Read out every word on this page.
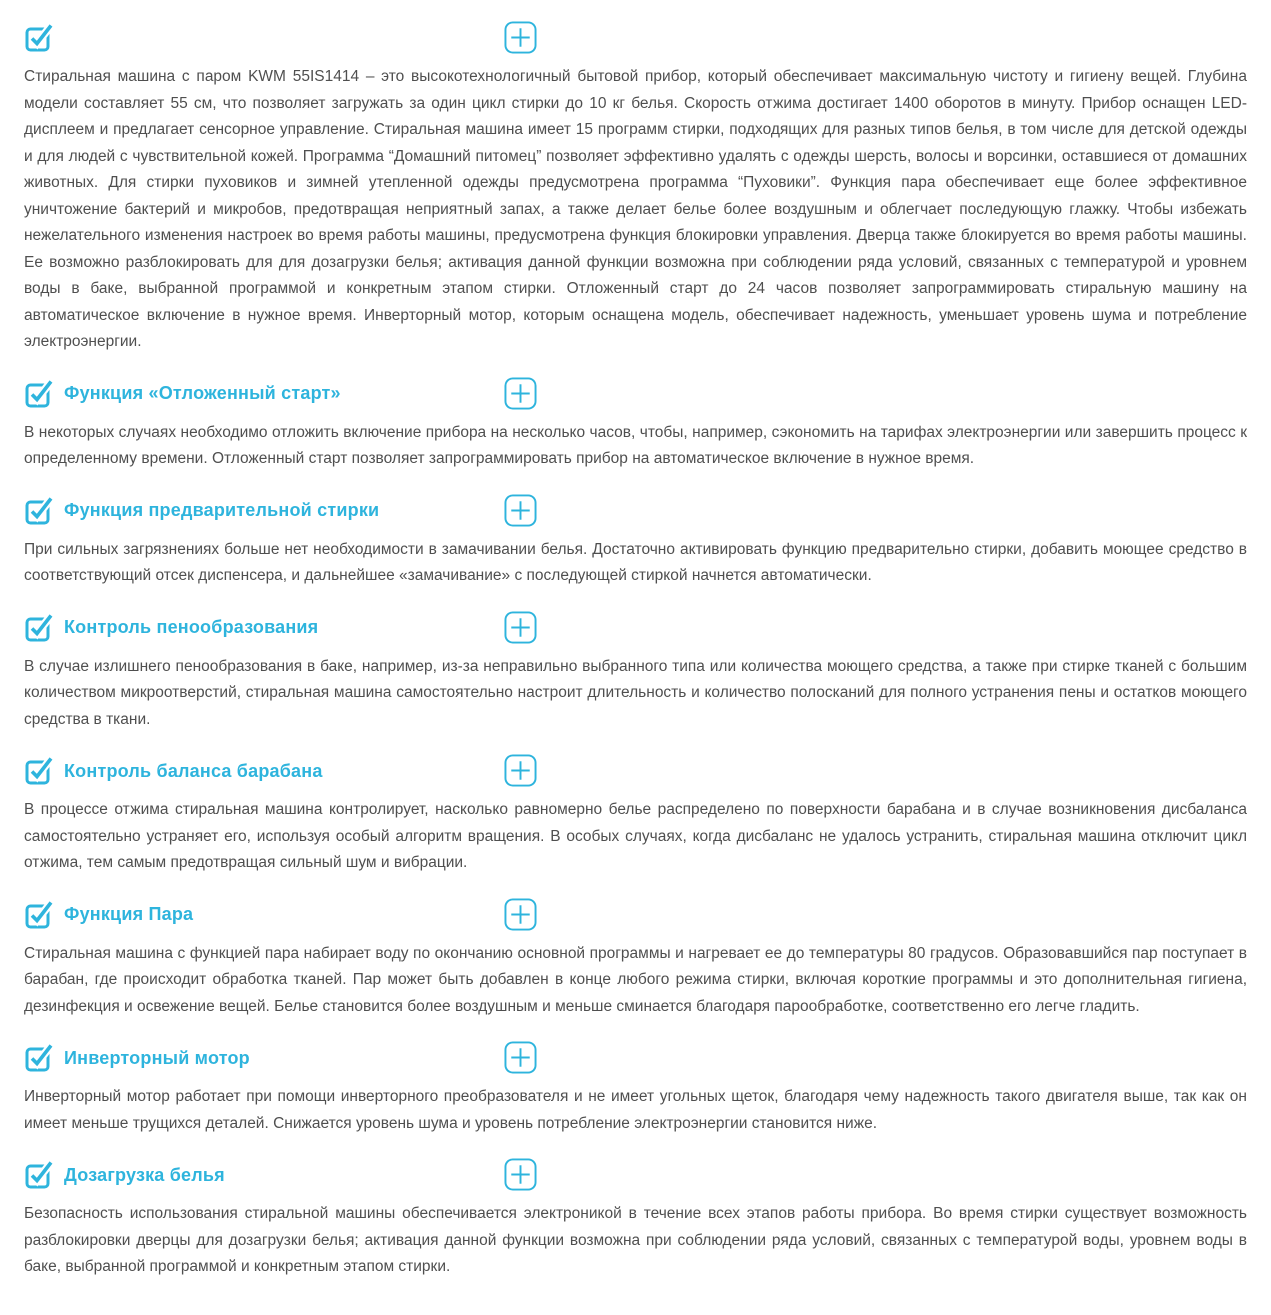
Стиральная машина с паром KWM 55IS1414 – это высокотехнологичный бытовой прибор, который обеспечивает максимальную чистоту и гигиену вещей. Глубина модели составляет 55 см, что позволяет загружать за один цикл стирки до 10 кг белья. Скорость отжима достигает 1400 оборотов в минуту. Прибор оснащен LED-дисплеем и предлагает сенсорное управление. Стиральная машина имеет 15 программ стирки, подходящих для разных типов белья, в том числе для детской одежды и для людей с чувствительной кожей. Программа “Домашний питомец” позволяет эффективно удалять с одежды шерсть, волосы и ворсинки, оставшиеся от домашних животных. Для стирки пуховиков и зимней утепленной одежды предусмотрена программа “Пуховики”. Функция пара обеспечивает еще более эффективное уничтожение бактерий и микробов, предотвращая неприятный запах, а также делает белье более воздушным и облегчает последующую глажку. Чтобы избежать нежелательного изменения настроек во время работы машины, предусмотрена функция блокировки управления. Дверца также блокируется во время работы машины. Ее возможно разблокировать для для дозагрузки белья; активация данной функции возможна при соблюдении ряда условий, связанных с температурой и уровнем воды в баке, выбранной программой и конкретным этапом стирки. Отложенный старт до 24 часов позволяет запрограммировать стиральную машину на автоматическое включение в нужное время. Инверторный мотор, которым оснащена модель, обеспечивает надежность, уменьшает уровень шума и потребление электроэнергии.

Функция «Отложенный старт»

В некоторых случаях необходимо отложить включение прибора на несколько часов, чтобы, например, сэкономить на тарифах электроэнергии или завершить процесс к определенному времени. Отложенный старт позволяет запрограммировать прибор на автоматическое включение в нужное время.

Функция предварительной стирки

При сильных загрязнениях больше нет необходимости в замачивании белья. Достаточно активировать функцию предварительно стирки, добавить моющее средство в соответствующий отсек диспенсера, и дальнейшее «замачивание» с последующей стиркой начнется автоматически.

Контроль пенообразования

В случае излишнего пенообразования в баке, например, из-за неправильно выбранного типа или количества моющего средства, а также при стирке тканей с большим количеством микроотверстий, стиральная машина самостоятельно настроит длительность и количество полосканий для полного устранения пены и остатков моющего средства в ткани.

Контроль баланса барабана

В процессе отжима стиральная машина контролирует, насколько равномерно белье распределено по поверхности барабана и в случае возникновения дисбаланса самостоятельно устраняет его, используя особый алгоритм вращения. В особых случаях, когда дисбаланс не удалось устранить, стиральная машина отключит цикл отжима, тем самым предотвращая сильный шум и вибрации.

Функция Пара

Стиральная машина с функцией пара набирает воду по окончанию основной программы и нагревает ее до температуры 80 градусов. Образовавшийся пар поступает в барабан, где происходит обработка тканей. Пар может быть добавлен в конце любого режима стирки, включая короткие программы и это дополнительная гигиена, дезинфекция и освежение вещей. Белье становится более воздушным и меньше сминается благодаря парообработке, соответственно его легче гладить.

Инверторный мотор

Инверторный мотор работает при помощи инверторного преобразователя и не имеет угольных щеток, благодаря чему надежность такого двигателя выше, так как он имеет меньше трущихся деталей. Снижается уровень шума и уровень потребление электроэнергии становится ниже.

Дозагрузка белья

Безопасность использования стиральной машины обеспечивается электроникой в течение всех этапов работы прибора. Во время стирки существует возможность разблокировки дверцы для дозагрузки белья; активация данной функции возможна при соблюдении ряда условий, связанных с температурой воды, уровнем воды в баке, выбранной программой и конкретным этапом стирки.
